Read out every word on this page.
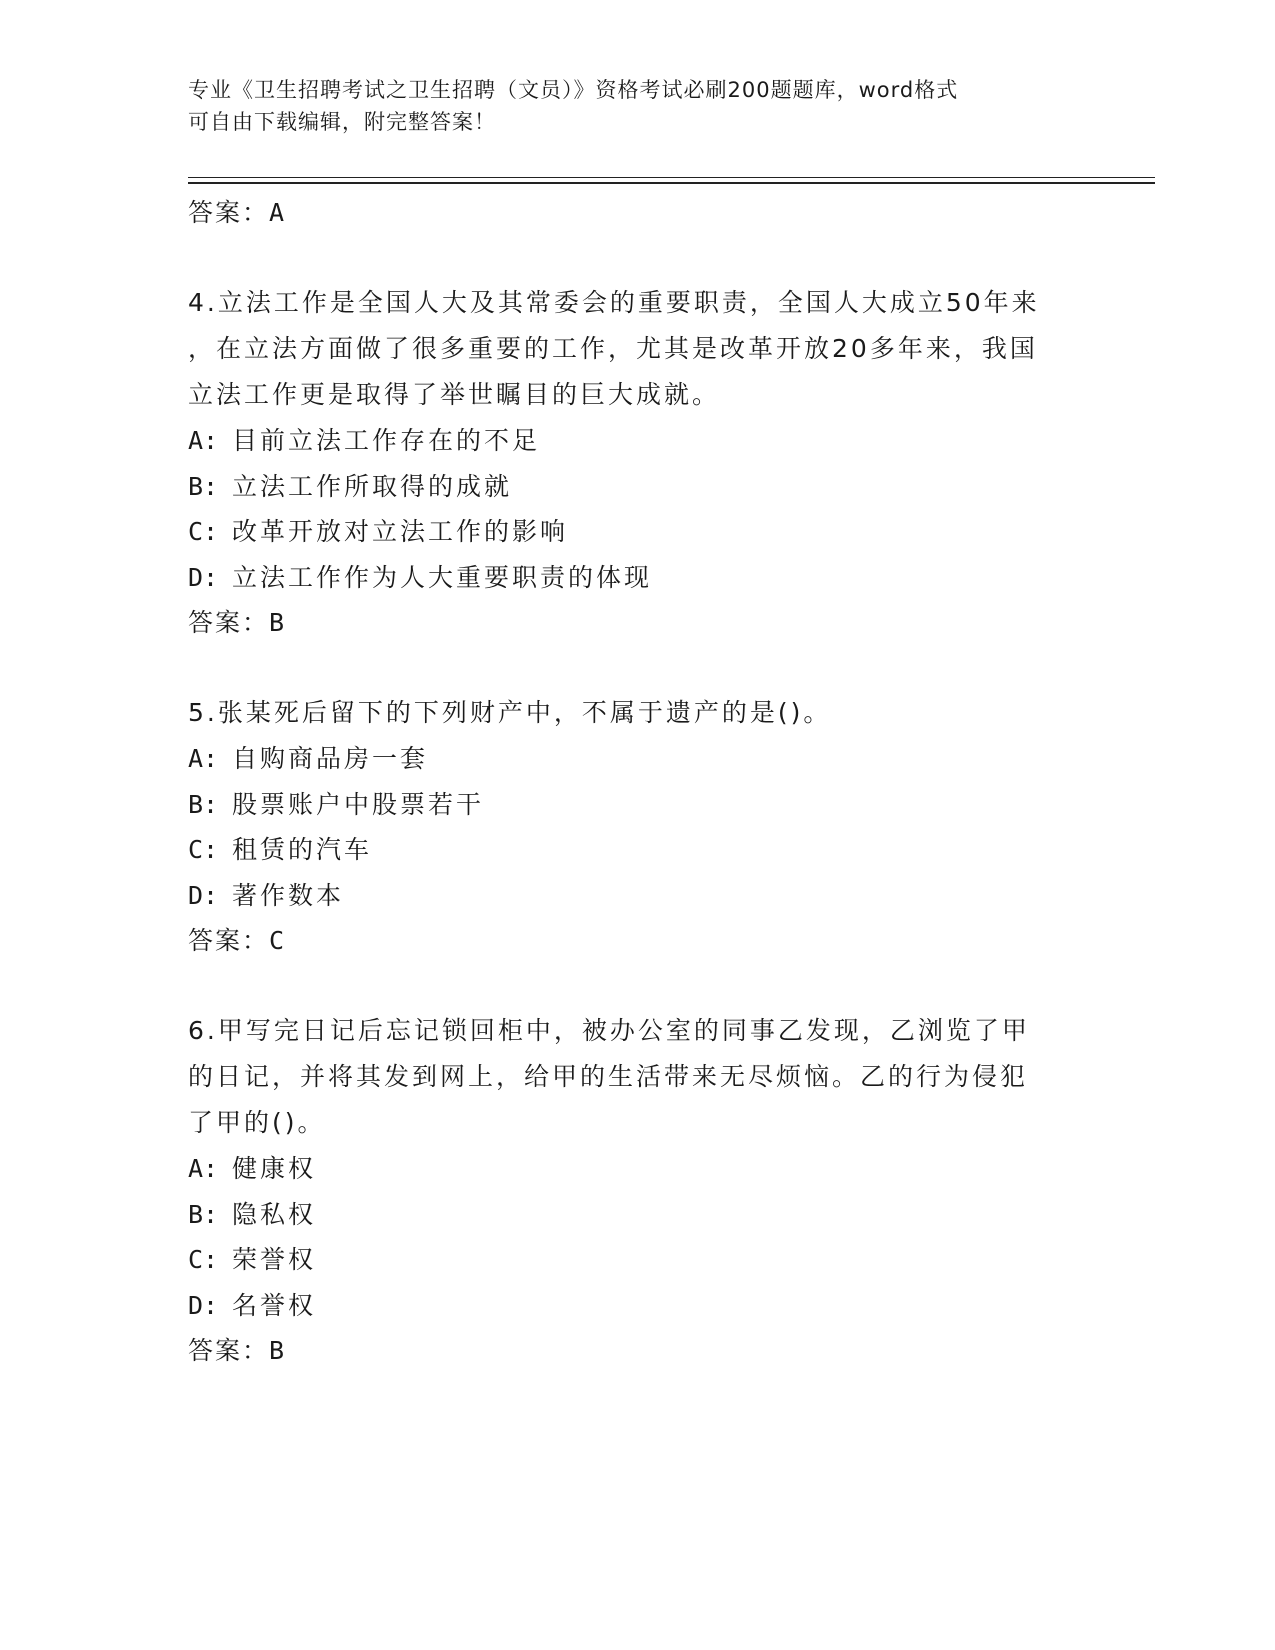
专业《卫生招聘考试之卫生招聘（文员）》资格考试必刷200题题库，word格式
可自由下载编辑，附完整答案！
答案：A
4.立法工作是全国人大及其常委会的重要职责，全国人大成立50年来
，在立法方面做了很多重要的工作，尤其是改革开放20多年来，我国
立法工作更是取得了举世瞩目的巨大成就。
A: 目前立法工作存在的不足
B: 立法工作所取得的成就
C: 改革开放对立法工作的影响
D: 立法工作作为人大重要职责的体现
答案：B
5.张某死后留下的下列财产中，不属于遗产的是()。
A: 自购商品房一套
B: 股票账户中股票若干
C: 租赁的汽车
D: 著作数本
答案：C
6.甲写完日记后忘记锁回柜中，被办公室的同事乙发现，乙浏览了甲
的日记，并将其发到网上，给甲的生活带来无尽烦恼。乙的行为侵犯
了甲的()。
A: 健康权
B: 隐私权
C: 荣誉权
D: 名誉权
答案：B
